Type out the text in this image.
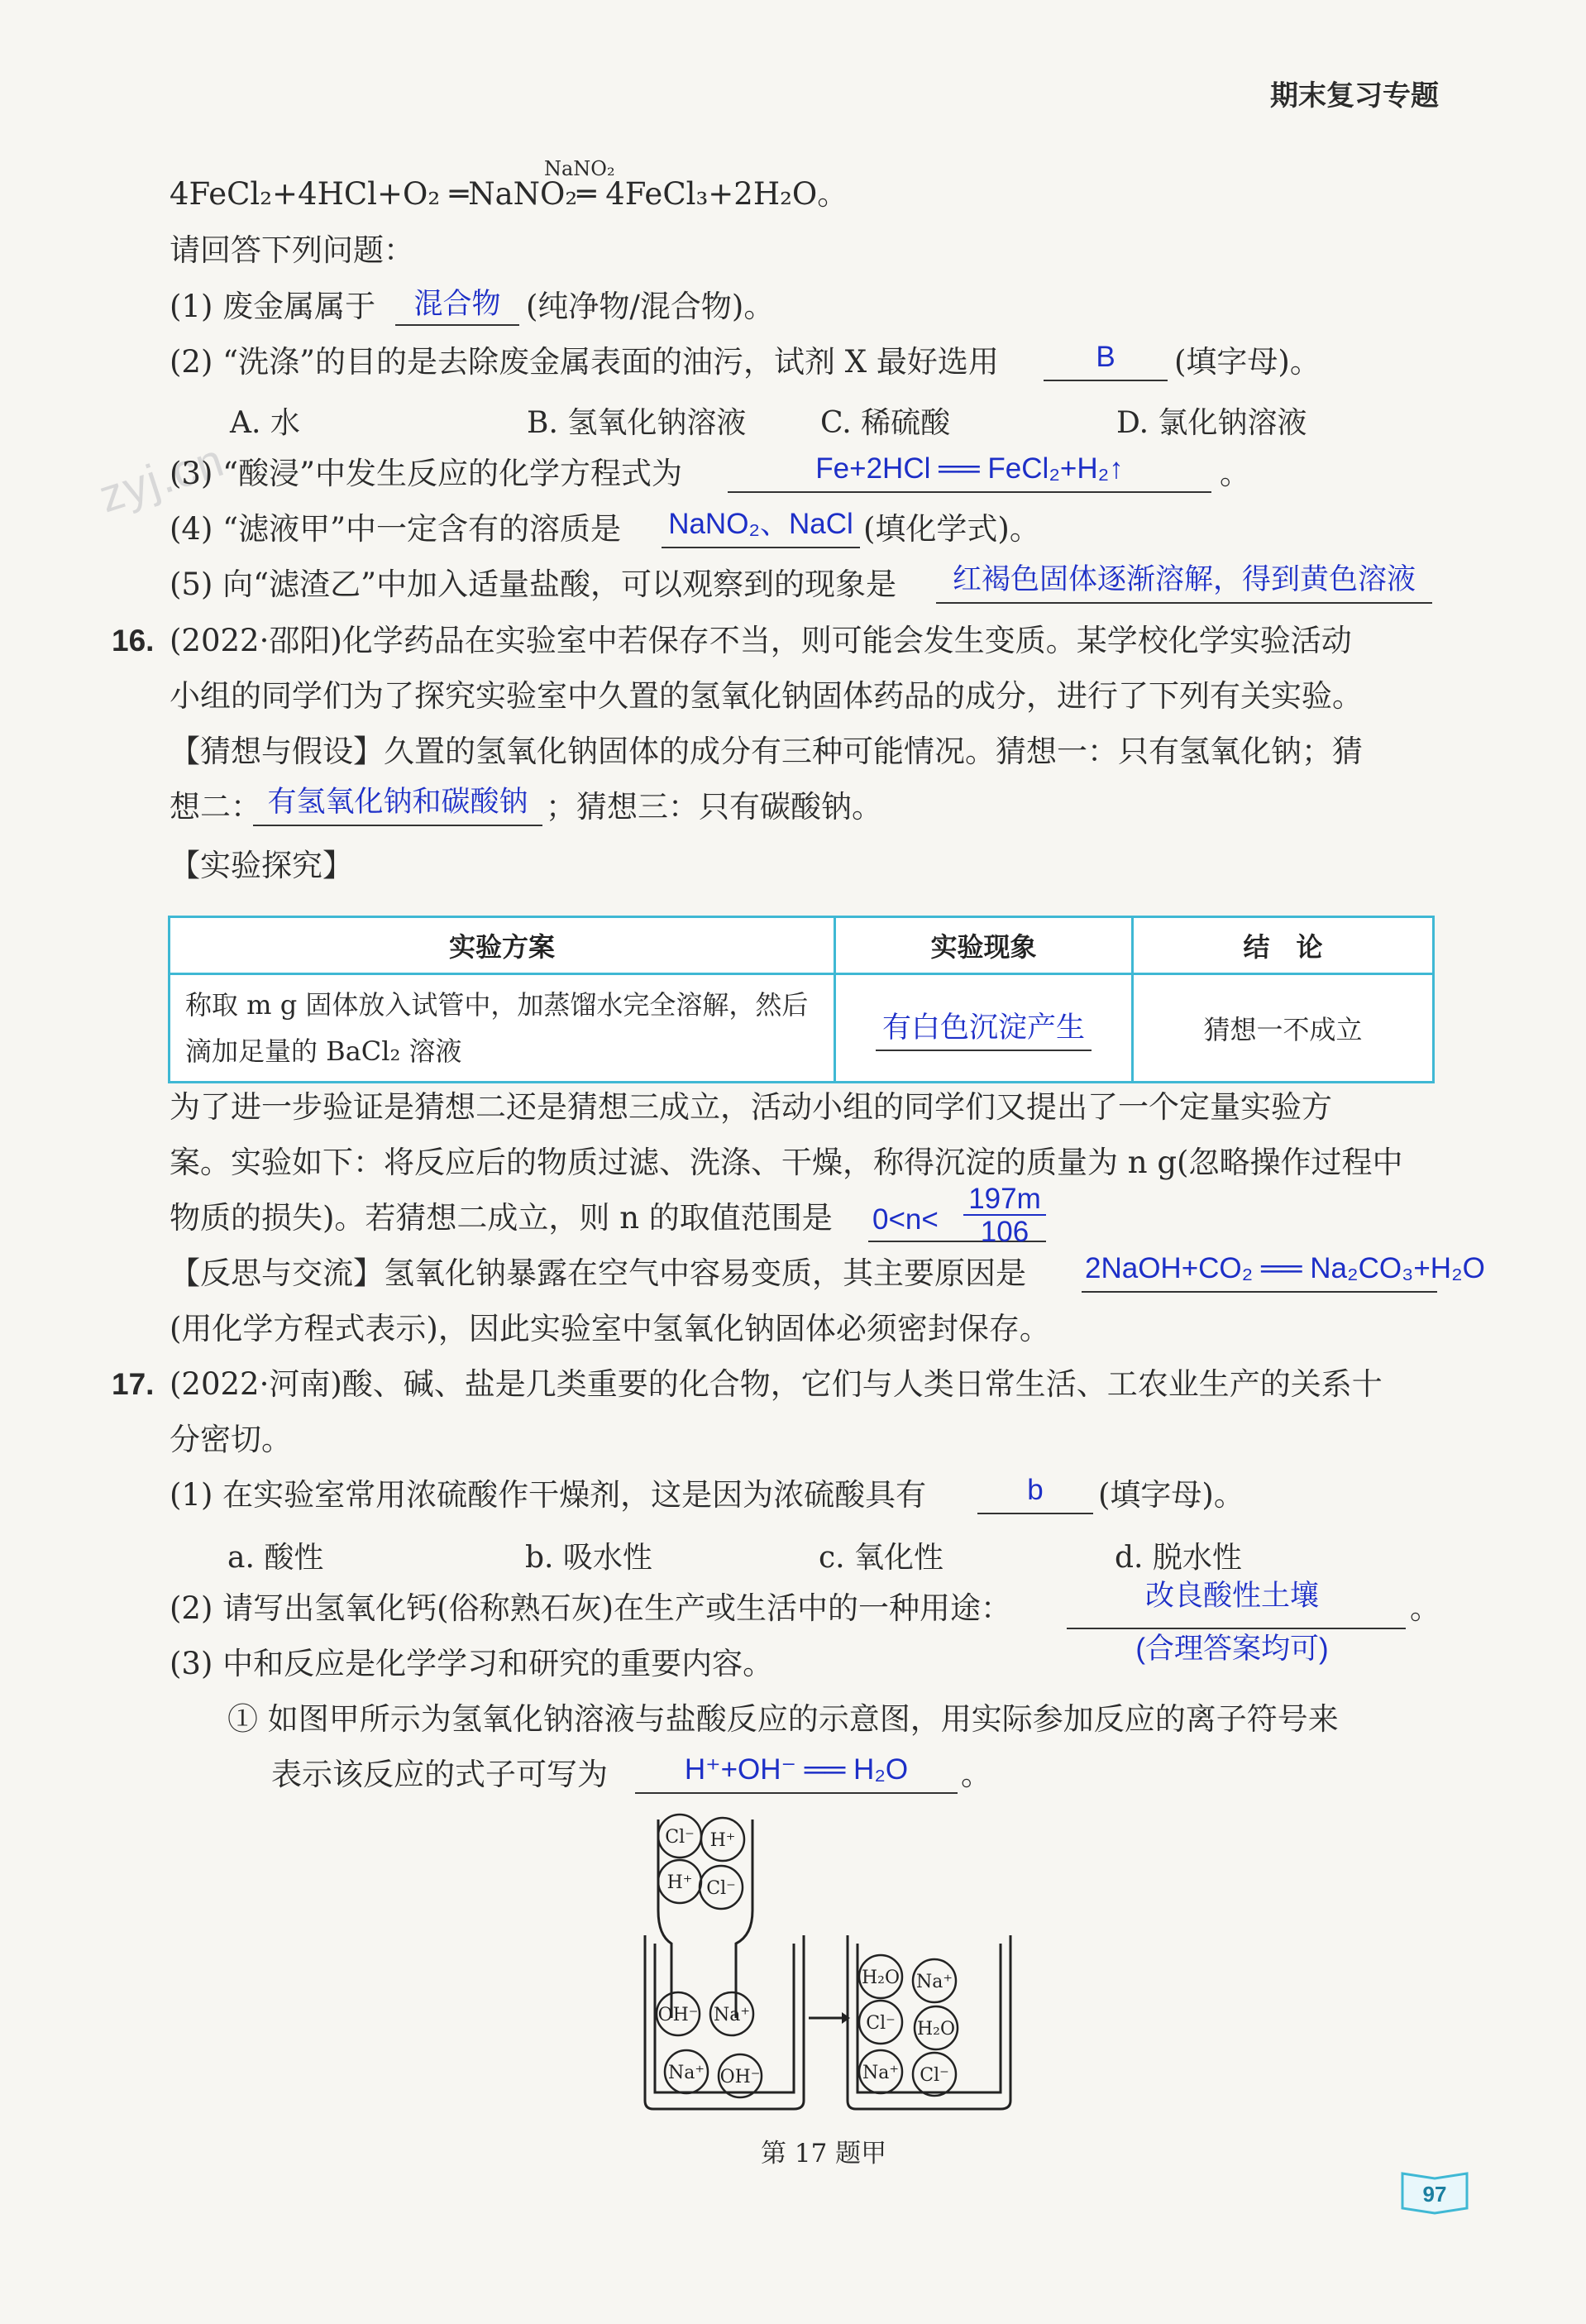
期末复习专题
zyj.cn
4FeCl₂+4HCl+O₂ ═NaNO₂═ 4FeCl₃+2H₂O。
NaNO₂
请回答下列问题：
(1) 废金属属于	混合物 (纯净物/混合物)。
(2) “洗涤”的目的是去除废金属表面的油污，试剂 X 最好选用	B	(填字母)。
A. 水	B. 氢氧化钠溶液 C. 稀硫酸	D. 氯化钠溶液
(3) “酸浸”中发生反应的化学方程式为	Fe+2HCl ══ FeCl₂+H₂↑	。
(4) “滤液甲”中一定含有的溶质是 NaNO₂、NaCl (填化学式)。
(5) 向“滤渣乙”中加入适量盐酸，可以观察到的现象是	红褐色固体逐渐溶解，得到黄色溶液
16. (2022·邵阳)化学药品在实验室中若保存不当，则可能会发生变质。某学校化学实验活动
小组的同学们为了探究实验室中久置的氢氧化钠固体药品的成分，进行了下列有关实验。
【猜想与假设】久置的氢氧化钠固体的成分有三种可能情况。猜想一：只有氢氧化钠；猜
想二： 有氢氧化钠和碳酸钠 ；猜想三：只有碳酸钠。
【实验探究】
实验方案	实验现象	结　论

称取 m g 固体放入试管中，加蒸馏水完全溶解，然后
滴加足量的 BaCl₂ 溶液	有白色沉淀产生	猜想一不成立
为了进一步验证是猜想二还是猜想三成立，活动小组的同学们又提出了一个定量实验方
案。实验如下：将反应后的物质过滤、洗涤、干燥，称得沉淀的质量为 n g(忽略操作过程中
物质的损失)。若猜想二成立，则 n 的取值范围是 0<n<
197m
106
【反思与交流】氢氧化钠暴露在空气中容易变质，其主要原因是 2NaOH+CO₂ ══ Na₂CO₃+H₂O
(用化学方程式表示)，因此实验室中氢氧化钠固体必须密封保存。
17. (2022·河南)酸、碱、盐是几类重要的化合物，它们与人类日常生活、工农业生产的关系十
分密切。
(1) 在实验室常用浓硫酸作干燥剂，这是因为浓硫酸具有	b	(填字母)。
a. 酸性	b. 吸水性	c. 氧化性	d. 脱水性
(2) 请写出氢氧化钙(俗称熟石灰)在生产或生活中的一种用途：	改良酸性土壤
(合理答案均可)
。
(3) 中和反应是化学学习和研究的重要内容。
① 如图甲所示为氢氧化钠溶液与盐酸反应的示意图，用实际参加反应的离子符号来
表示该反应的式子可写为	H⁺+OH⁻ ══ H₂O	。
Cl⁻ H⁺
H⁺ Cl⁻
OH⁻ Na⁺
Na⁺ OH⁻
H₂O Na⁺
Cl⁻ H₂O
Na⁺ Cl⁻
第 17 题甲
97
